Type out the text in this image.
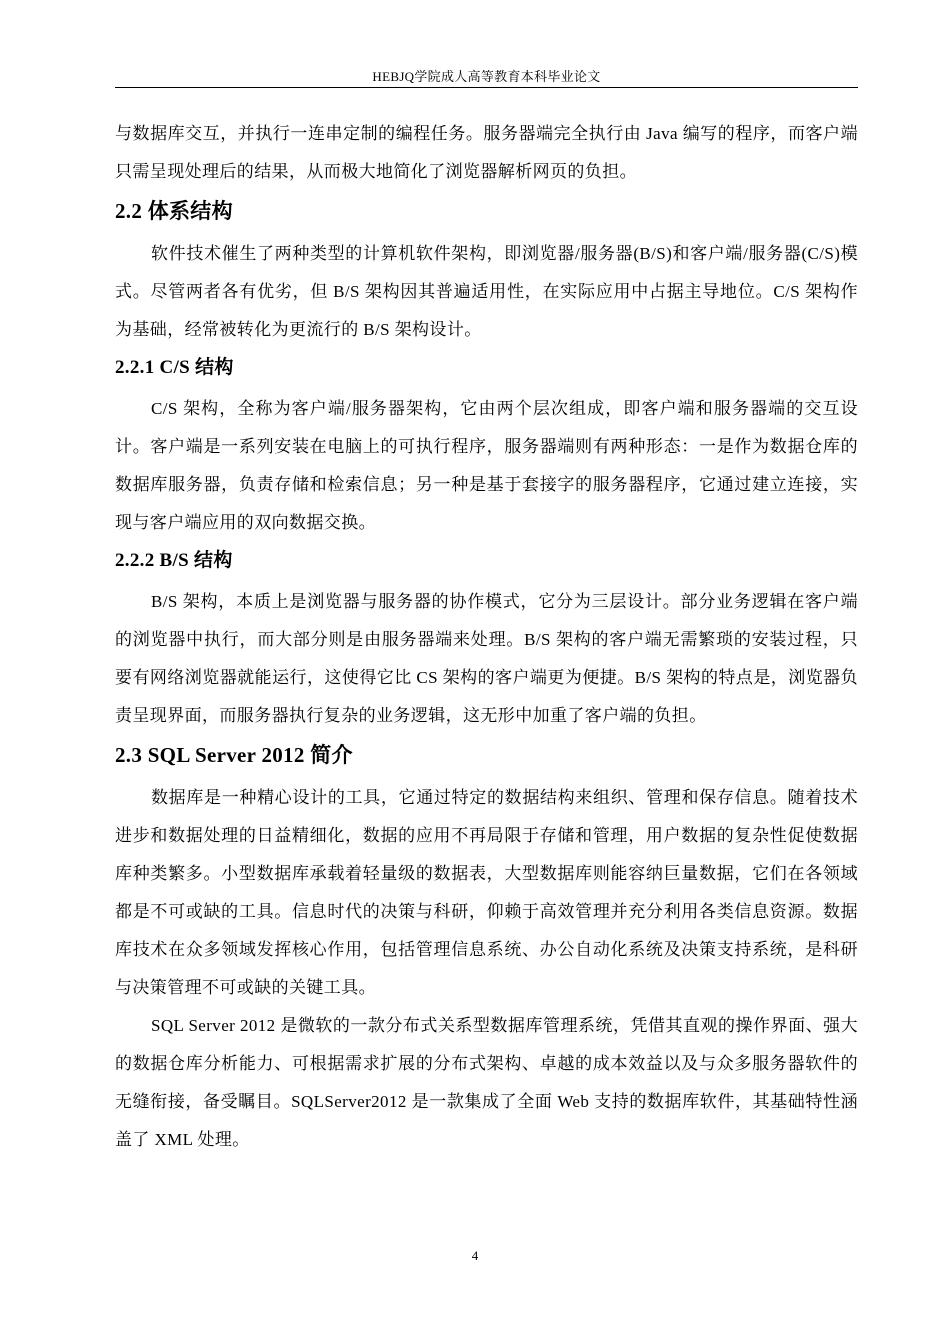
HEBJQ学院成人高等教育本科毕业论文

与数据库交互，并执行一连串定制的编程任务。服务器端完全执行由 Java 编写的程序，而客户端只需呈现处理后的结果，从而极大地简化了浏览器解析网页的负担。

2.2 体系结构

软件技术催生了两种类型的计算机软件架构，即浏览器/服务器(B/S)和客户端/服务器(C/S)模式。尽管两者各有优劣，但 B/S 架构因其普遍适用性，在实际应用中占据主导地位。C/S 架构作为基础，经常被转化为更流行的 B/S 架构设计。

2.2.1 C/S 结构

C/S 架构，全称为客户端/服务器架构，它由两个层次组成，即客户端和服务器端的交互设计。客户端是一系列安装在电脑上的可执行程序，服务器端则有两种形态：一是作为数据仓库的数据库服务器，负责存储和检索信息；另一种是基于套接字的服务器程序，它通过建立连接，实现与客户端应用的双向数据交换。

2.2.2 B/S 结构

B/S 架构，本质上是浏览器与服务器的协作模式，它分为三层设计。部分业务逻辑在客户端的浏览器中执行，而大部分则是由服务器端来处理。B/S 架构的客户端无需繁琐的安装过程，只要有网络浏览器就能运行，这使得它比 CS 架构的客户端更为便捷。B/S 架构的特点是，浏览器负责呈现界面，而服务器执行复杂的业务逻辑，这无形中加重了客户端的负担。

2.3 SQL Server 2012 简介

数据库是一种精心设计的工具，它通过特定的数据结构来组织、管理和保存信息。随着技术进步和数据处理的日益精细化，数据的应用不再局限于存储和管理，用户数据的复杂性促使数据库种类繁多。小型数据库承载着轻量级的数据表，大型数据库则能容纳巨量数据，它们在各领域都是不可或缺的工具。信息时代的决策与科研，仰赖于高效管理并充分利用各类信息资源。数据库技术在众多领域发挥核心作用，包括管理信息系统、办公自动化系统及决策支持系统，是科研与决策管理不可或缺的关键工具。

SQL Server 2012 是微软的一款分布式关系型数据库管理系统，凭借其直观的操作界面、强大的数据仓库分析能力、可根据需求扩展的分布式架构、卓越的成本效益以及与众多服务器软件的无缝衔接，备受瞩目。SQLServer2012 是一款集成了全面 Web 支持的数据库软件，其基础特性涵盖了 XML 处理。

4
